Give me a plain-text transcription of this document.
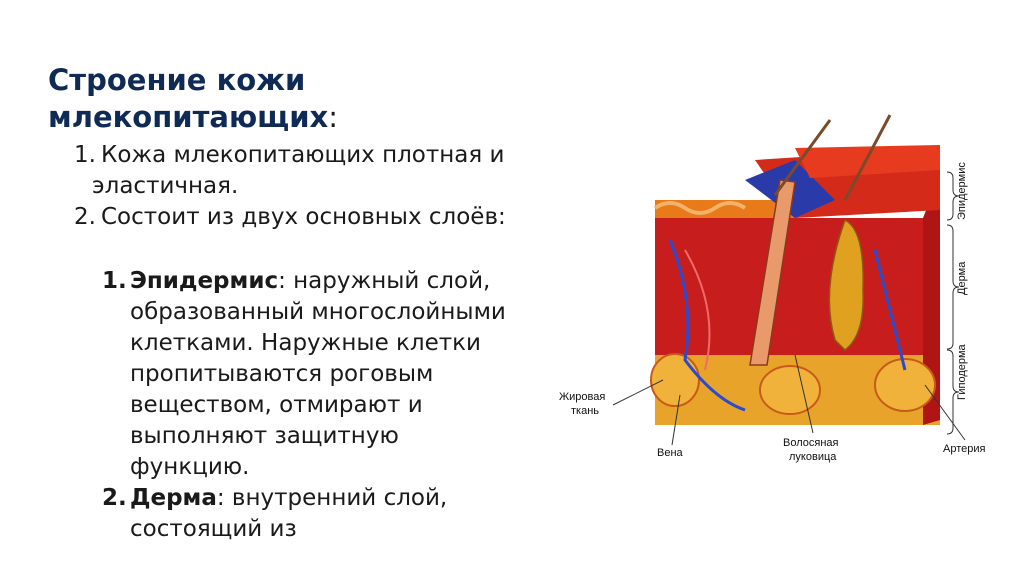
Строение кожи млекопитающих:
1. Кожа млекопитающих плотная и эластичная.
2. Состоит из двух основных слоёв:
1. Эпидермис: наружный слой, образованный многослойными клетками. Наружные клетки пропитываются роговым веществом, отмирают и выполняют защитную функцию.
2. Дерма: внутренний слой, состоящий из
Эпидермис
Дерма
Гиподерма
Жировая
ткань
Вена
Волосяная
луковица
Артерия
